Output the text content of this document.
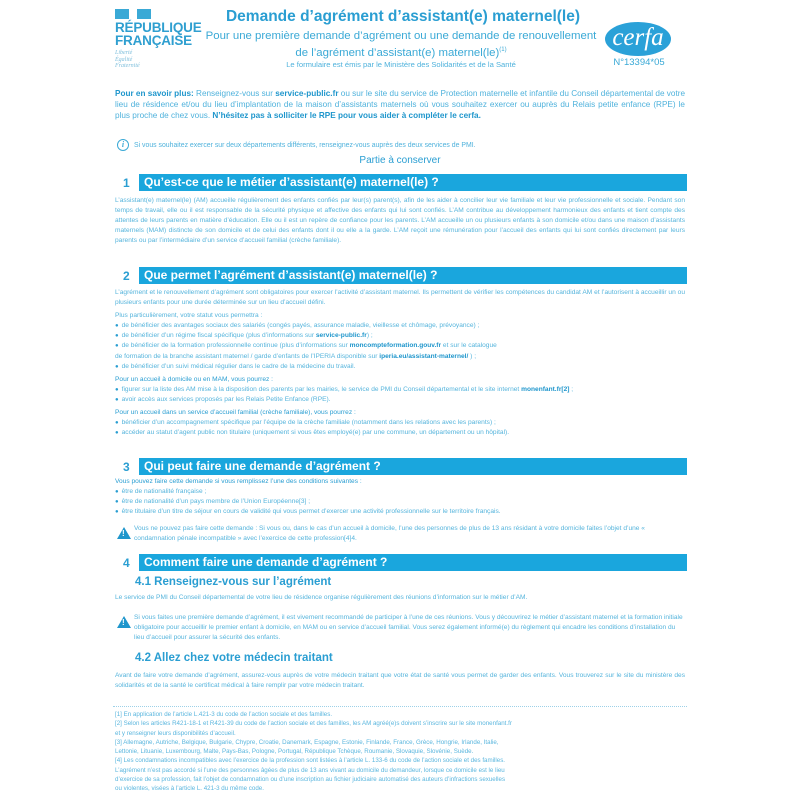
RÉPUBLIQUE
FRANÇAISE
Liberté
Égalité
Fraternité
Demande d’agrément d’assistant(e) maternel(le)
Pour une première demande d’agrément ou une demande de renouvellement
de l’agrément d’assistant(e) maternel(le)$^{(1)}$
Le formulaire est émis par le Ministère des Solidarités et de la Santé
cerfa
N°13394*05
Pour en savoir plus: Renseignez-vous sur service-public.fr ou sur le site du service de Protection maternelle et infantile du Conseil départemental de votre lieu de résidence et/ou du lieu d’implantation de la maison d’assistants maternels où vous souhaitez exercer ou auprès du Relais petite enfance (RPE) le plus proche de chez vous. N’hésitez pas à solliciter le RPE pour vous aider à compléter le cerfa.
i	Si vous souhaitez exercer sur deux départements différents, renseignez-vous auprès des deux services de PMI.
Partie à conserver
1	Qu’est-ce que le métier d’assistant(e) maternel(le) ?
L’assistant(e) maternel(le) (AM) accueille régulièrement des enfants confiés par leur(s) parent(s), afin de les aider à concilier leur vie familiale et leur vie professionnelle et sociale. Pendant son temps de travail, elle ou il est responsable de la sécurité physique et affective des enfants qui lui sont confiés. L’AM contribue au développement harmonieux des enfants et tient compte des attentes de leurs parents en matière d’éducation. Elle ou il est un repère de confiance pour les parents. L’AM accueille un ou plusieurs enfants à son domicile et/ou dans une maison d’assistants maternels (MAM) distincte de son domicile et de celui des enfants dont il ou elle a la garde. L’AM reçoit une rémunération pour l’accueil des enfants qui lui sont confiés directement par leurs parents ou par l’intermédiaire d’un service d’accueil familial (crèche familiale).
2	Que permet l’agrément d’assistant(e) maternel(le) ?
L’agrément et le renouvellement d’agrément sont obligatoires pour exercer l’activité d’assistant maternel. Ils permettent de vérifier les compétences du candidat AM et l’autorisent à accueillir un ou plusieurs enfants pour une durée déterminée sur un lieu d’accueil défini.
Plus particulièrement, votre statut vous permettra :
● de bénéficier des avantages sociaux des salariés (congés payés, assurance maladie, vieillesse et chômage, prévoyance) ;
● de bénéficier d’un régime fiscal spécifique (plus d’informations sur service-public.fr) ;
● de bénéficier de la formation professionnelle continue (plus d’informations sur moncompteformation.gouv.fr et sur le catalogue
de formation de la branche assistant maternel / garde d’enfants de l’IPERIA disponible sur iperia.eu/assistant-maternel/ ) ;
● de bénéficier d’un suivi médical régulier dans le cadre de la médecine du travail.
Pour un accueil à domicile ou en MAM, vous pourrez :
● figurer sur la liste des AM mise à la disposition des parents par les mairies, le service de PMI du Conseil départemental et le site internet monenfant.fr[2] ;
● avoir accès aux services proposés par les Relais Petite Enfance (RPE).
Pour un accueil dans un service d’accueil familial (crèche familiale), vous pourrez :
● bénéficier d’un accompagnement spécifique par l’équipe de la crèche familiale (notamment dans les relations avec les parents) ;
● accéder au statut d’agent public non titulaire (uniquement si vous êtes employé(e) par une commune, un département ou un hôpital).
3	Qui peut faire une demande d’agrément ?
Vous pouvez faire cette demande si vous remplissez l’une des conditions suivantes :
● être de nationalité française ;
● être de nationalité d’un pays membre de l’Union Européenne[3] ;
● être titulaire d’un titre de séjour en cours de validité qui vous permet d’exercer une activité professionnelle sur le territoire français.
!
Vous ne pouvez pas faire cette demande : Si vous ou, dans le cas d’un accueil à domicile, l’une des personnes de plus de 13 ans résidant à votre domicile faites l’objet d’une « condamnation pénale incompatible » avec l’exercice de cette profession[4]4.
4	Comment faire une demande d’agrément ?
4.1 Renseignez-vous sur l’agrément
Le service de PMI du Conseil départemental de votre lieu de résidence organise régulièrement des réunions d’information sur le métier d’AM.
!
Si vous faites une première demande d’agrément, il est vivement recommandé de participer à l’une de ces réunions. Vous y découvrirez le métier d’assistant maternel et la formation initiale obligatoire pour accueillir le premier enfant à domicile, en MAM ou en service d’accueil familial. Vous serez également informé(e) du règlement qui encadre les conditions d’installation du lieu d’accueil pour assurer la sécurité des enfants.
4.2 Allez chez votre médecin traitant
Avant de faire votre demande d’agrément, assurez-vous auprès de votre médecin traitant que votre état de santé vous permet de garder des enfants. Vous trouverez sur le site du ministère des solidarités et de la santé le certificat médical à faire remplir par votre médecin traitant.
[1] En application de l’article L.421-3 du code de l’action sociale et des familles.
[2] Selon les articles R421-18-1 et R421-39 du code de l’action sociale et des familles, les AM agréé(e)s doivent s’inscrire sur le site monenfant.fr
et y renseigner leurs disponibilités d’accueil.
[3] Allemagne, Autriche, Belgique, Bulgarie, Chypre, Croatie, Danemark, Espagne, Estonie, Finlande, France, Grèce, Hongrie, Irlande, Italie,
Lettonie, Lituanie, Luxembourg, Malte, Pays-Bas, Pologne, Portugal, République Tchèque, Roumanie, Slovaquie, Slovénie, Suède.
[4] Les condamnations incompatibles avec l’exercice de la profession sont listées à l’article L. 133-6 du code de l’action sociale et des familles.
L’agrément n’est pas accordé si l’une des personnes âgées de plus de 13 ans vivant au domicile du demandeur, lorsque ce domicile est le lieu
d’exercice de sa profession, fait l’objet de condamnation ou d’une inscription au fichier judiciaire automatisé des auteurs d’infractions sexuelles
ou violentes, visées à l’article L. 421-3 du même code.
